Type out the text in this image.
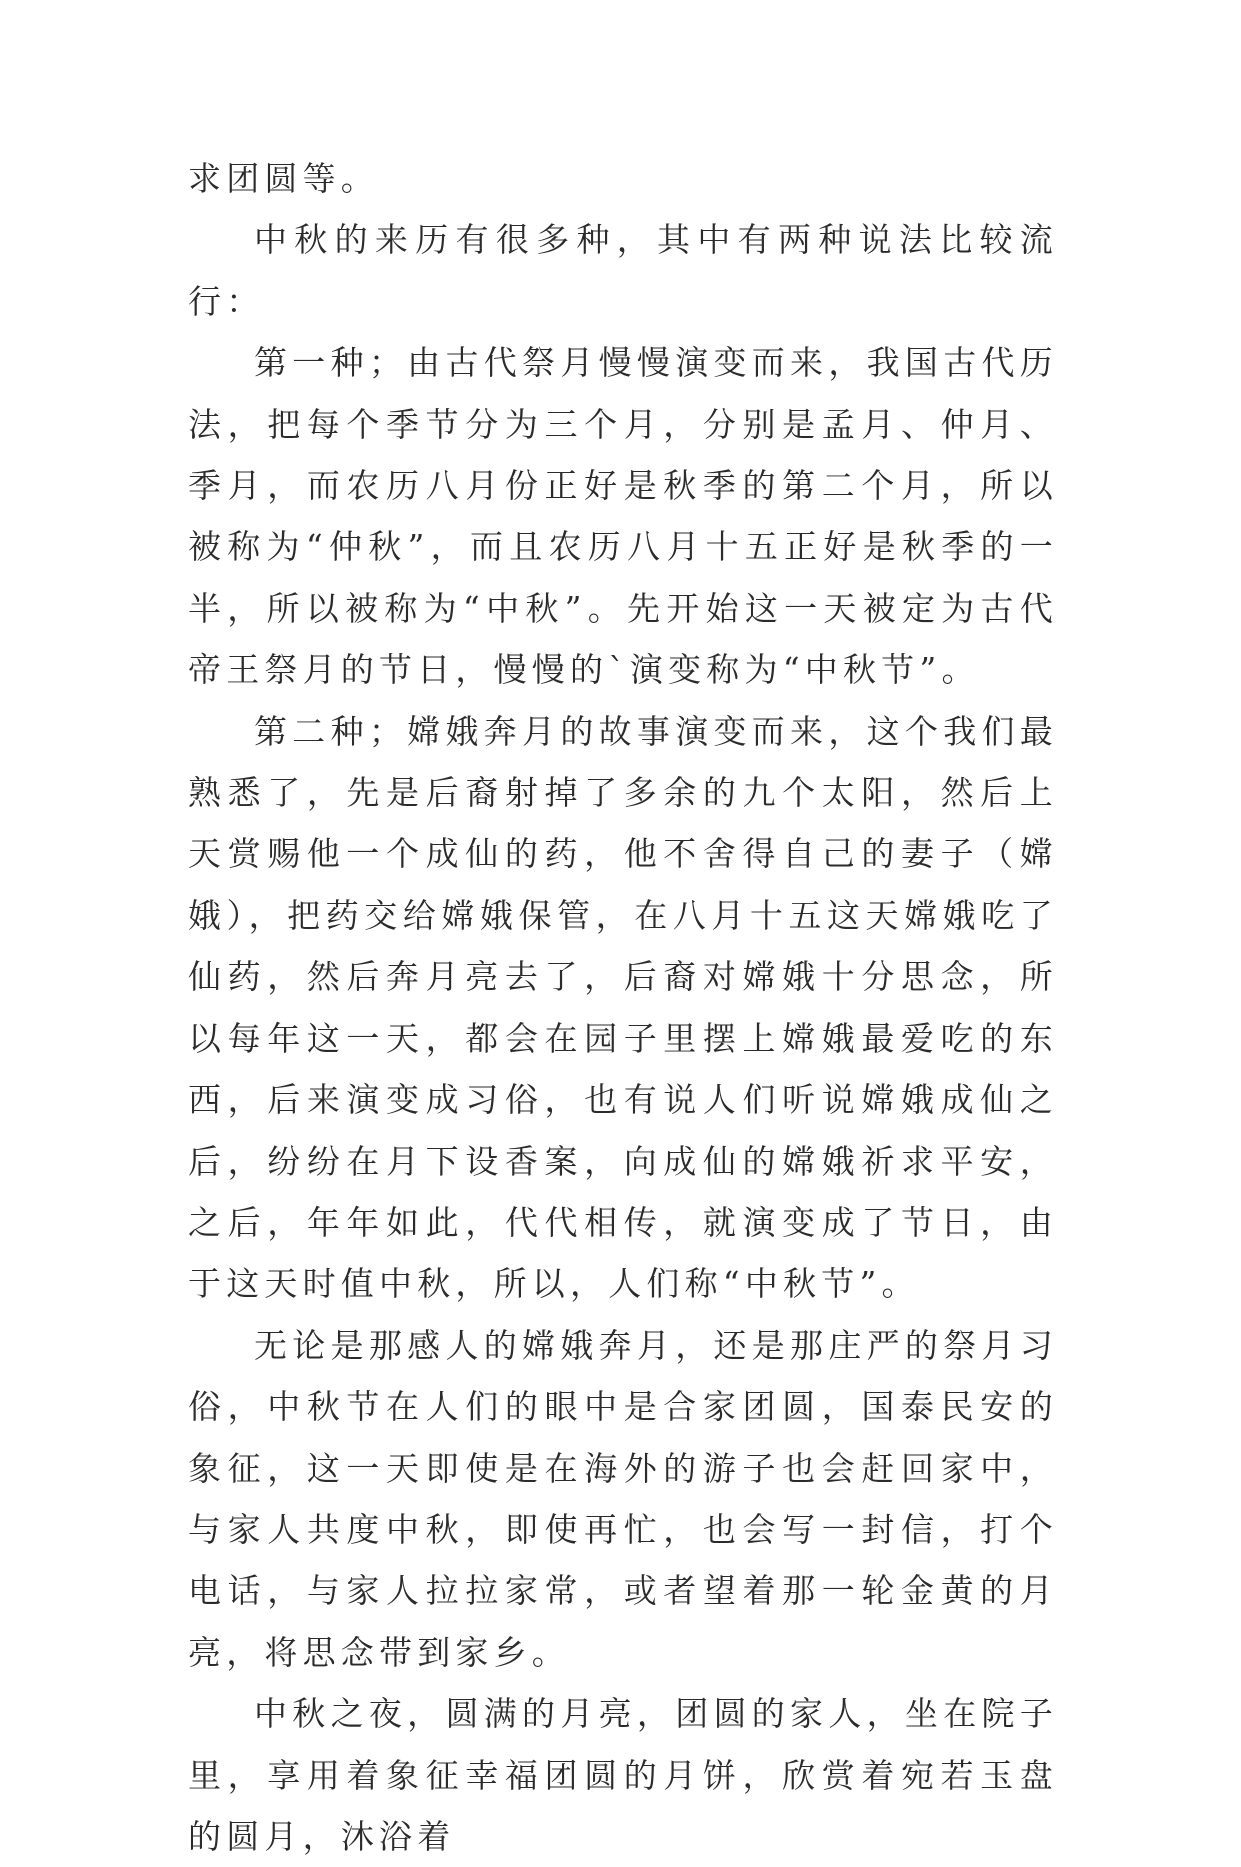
求团圆等。

中秋的来历有很多种，其中有两种说法比较流行：

第一种；由古代祭月慢慢演变而来，我国古代历法，把每个季节分为三个月，分别是孟月、仲月、季月，而农历八月份正好是秋季的第二个月，所以被称为“仲秋”，而且农历八月十五正好是秋季的一半，所以被称为“中秋”。先开始这一天被定为古代帝王祭月的节日，慢慢的`演变称为“中秋节”。

第二种；嫦娥奔月的故事演变而来，这个我们最熟悉了，先是后裔射掉了多余的九个太阳，然后上天赏赐他一个成仙的药，他不舍得自己的妻子（嫦娥），把药交给嫦娥保管，在八月十五这天嫦娥吃了仙药，然后奔月亮去了，后裔对嫦娥十分思念，所以每年这一天，都会在园子里摆上嫦娥最爱吃的东西，后来演变成习俗，也有说人们听说嫦娥成仙之后，纷纷在月下设香案，向成仙的嫦娥祈求平安，之后，年年如此，代代相传，就演变成了节日，由于这天时值中秋，所以，人们称“中秋节”。

无论是那感人的嫦娥奔月，还是那庄严的祭月习俗，中秋节在人们的眼中是合家团圆，国泰民安的象征，这一天即使是在海外的游子也会赶回家中，与家人共度中秋，即使再忙，也会写一封信，打个电话，与家人拉拉家常，或者望着那一轮金黄的月亮，将思念带到家乡。

中秋之夜，圆满的月亮，团圆的家人，坐在院子里，享用着象征幸福团圆的月饼，欣赏着宛若玉盘的圆月，沐浴着
